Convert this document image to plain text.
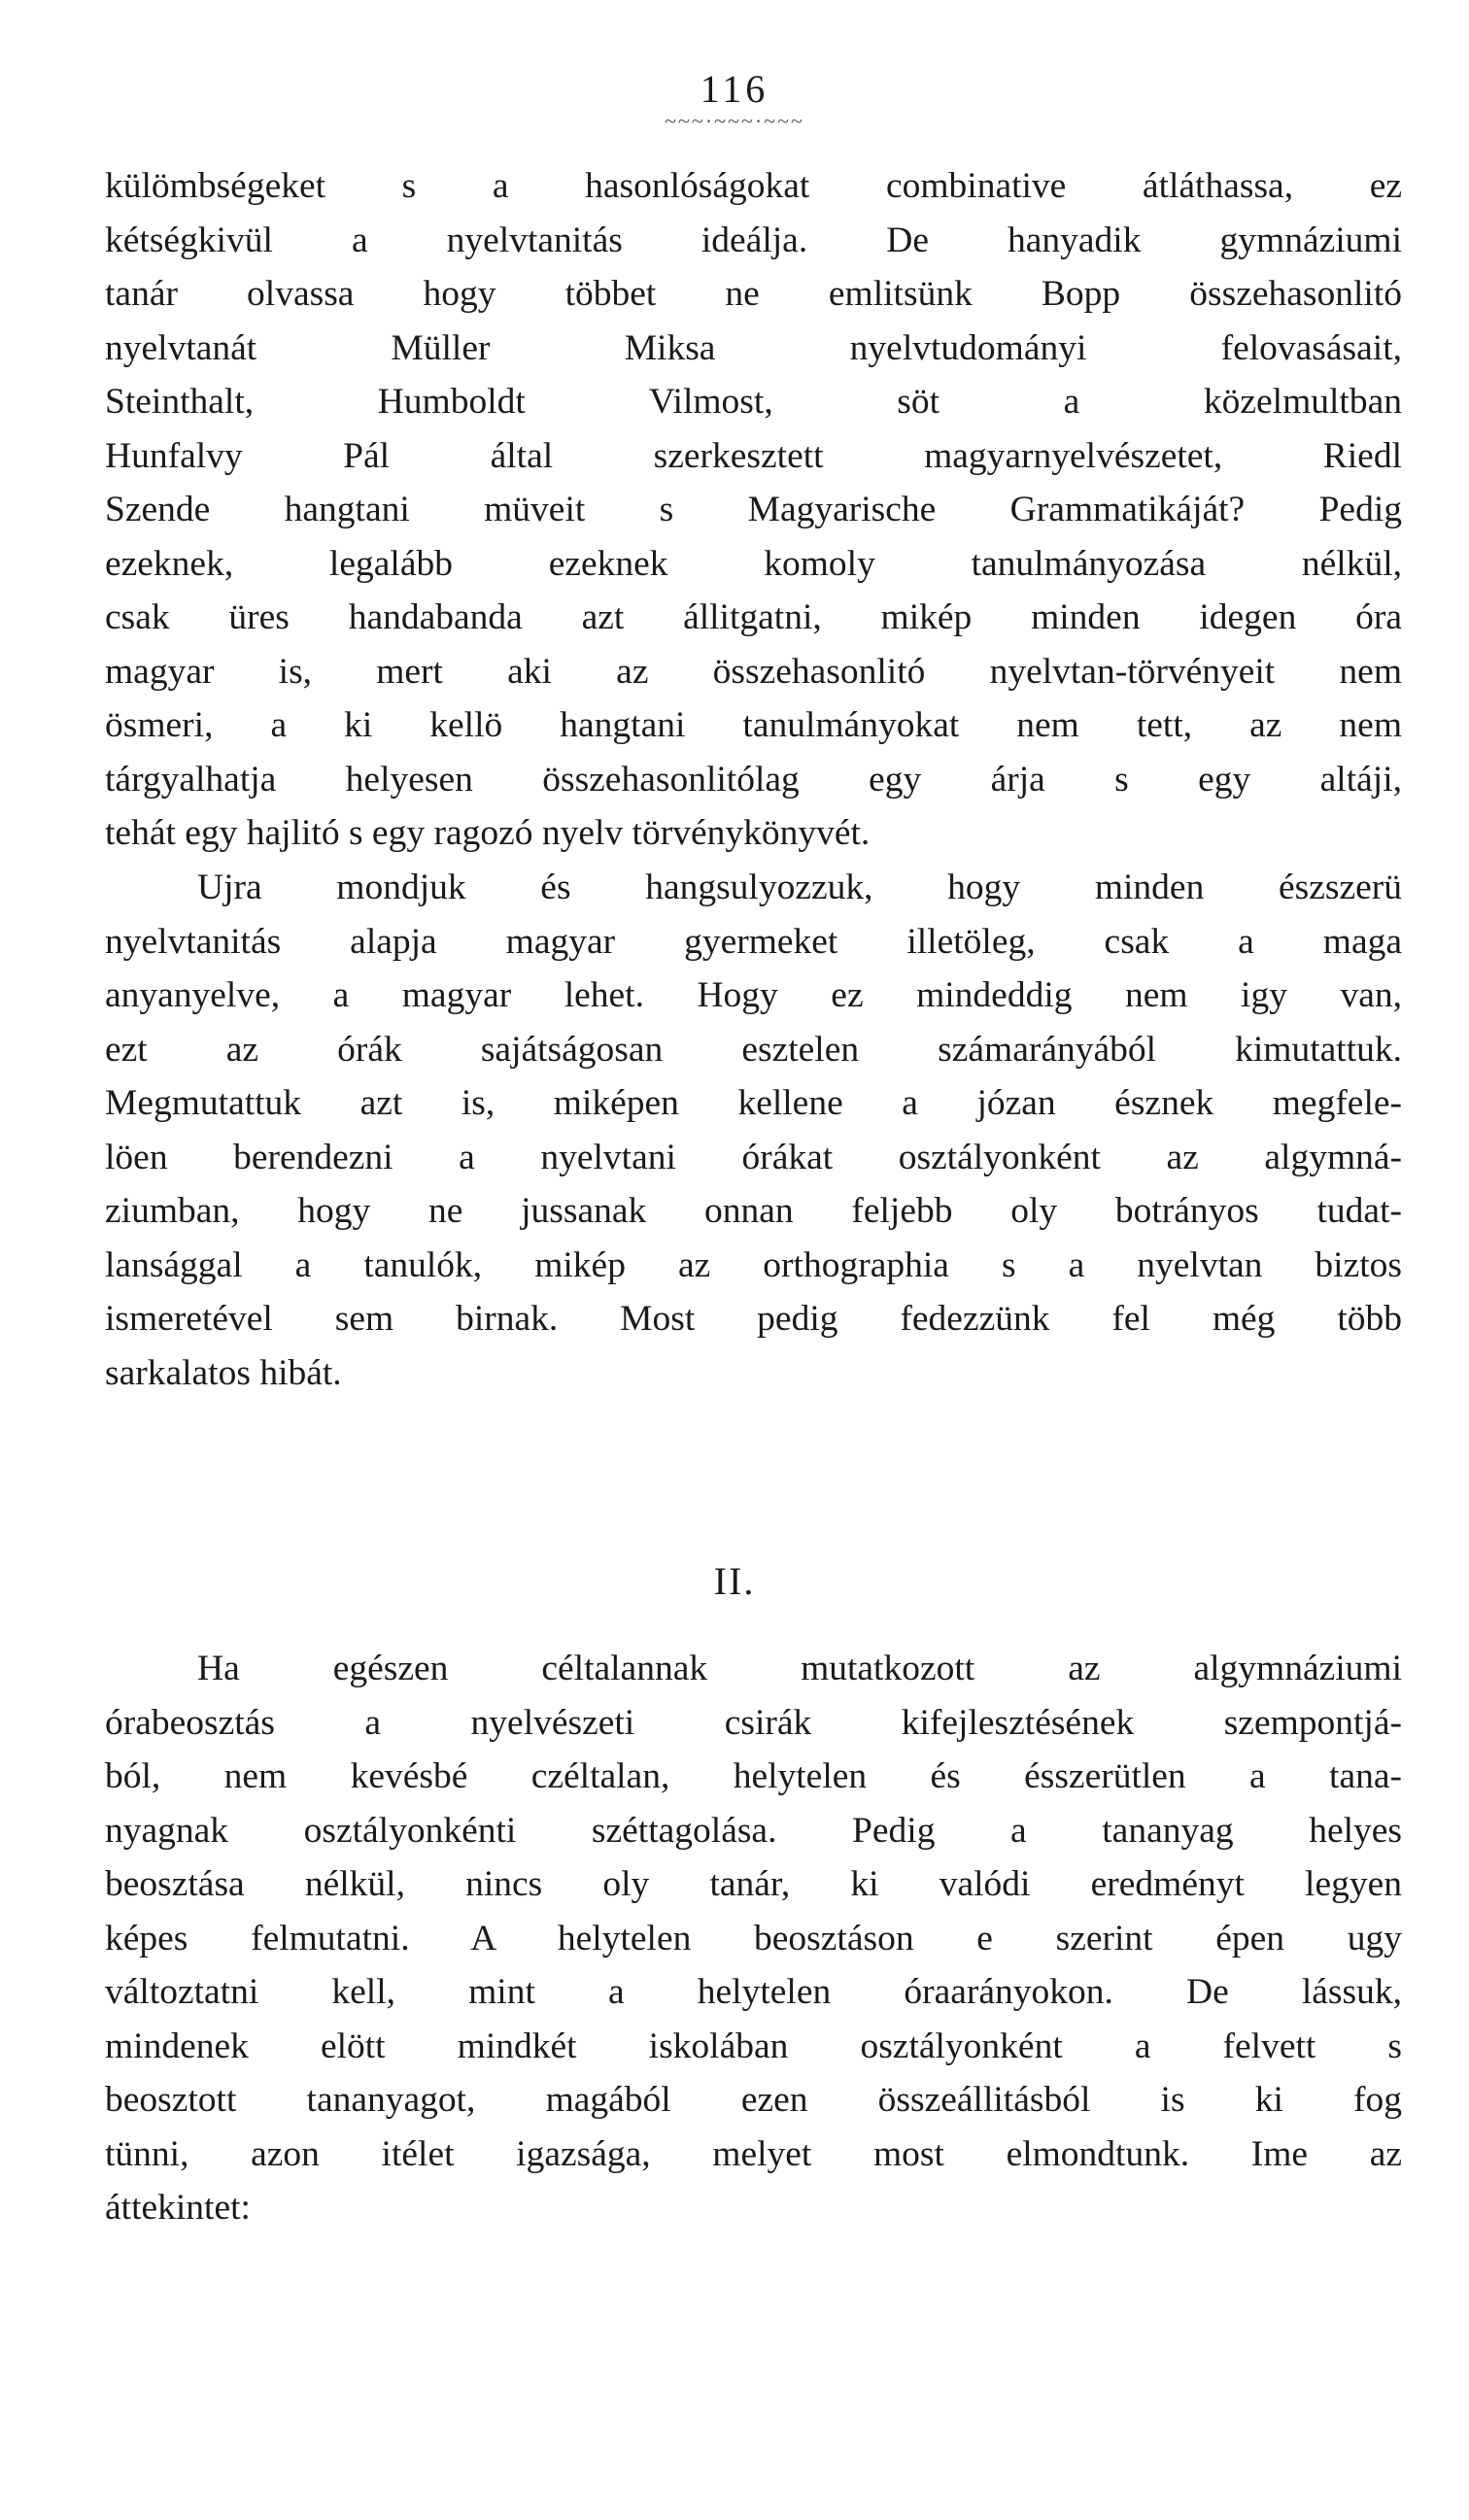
116
~~~·~~~·~~~
külömbségeket s a hasonlóságokat combinative átláthassa, ez
kétségkivül a nyelvtanitás ideálja. De hanyadik gymnáziumi
tanár olvassa hogy többet ne emlitsünk Bopp összehasonlitó
nyelvtanát Müller Miksa nyelvtudományi felovasásait,
Steinthalt, Humboldt Vilmost, söt a közelmultban
Hunfalvy Pál által szerkesztett magyarnyelvészetet, Riedl
Szende hangtani müveit s Magyarische Grammatikáját? Pedig
ezeknek, legalább ezeknek komoly tanulmányozása nélkül,
csak üres handabanda azt állitgatni, mikép minden idegen óra
magyar is, mert aki az összehasonlitó nyelvtan-törvényeit nem
ösmeri, a ki kellö hangtani tanulmányokat nem tett, az nem
tárgyalhatja helyesen összehasonlitólag egy árja s egy altáji,
tehát egy hajlitó s egy ragozó nyelv törvénykönyvét.
Ujra mondjuk és hangsulyozzuk, hogy minden észszerü
nyelvtanitás alapja magyar gyermeket illetöleg, csak a maga
anyanyelve, a magyar lehet. Hogy ez mindeddig nem igy van,
ezt az órák sajátságosan esztelen számarányából kimutattuk.
Megmutattuk azt is, miképen kellene a józan észnek megfele-
löen berendezni a nyelvtani órákat osztályonként az algymná-
ziumban, hogy ne jussanak onnan feljebb oly botrányos tudat-
lansággal a tanulók, mikép az orthographia s a nyelvtan biztos
ismeretével sem birnak. Most pedig fedezzünk fel még több
sarkalatos hibát.
II.
Ha egészen céltalannak mutatkozott az algymnáziumi
órabeosztás a nyelvészeti csirák kifejlesztésének szempontjá-
ból, nem kevésbé czéltalan, helytelen és ésszerütlen a tana-
nyagnak osztályonkénti széttagolása. Pedig a tananyag helyes
beosztása nélkül, nincs oly tanár, ki valódi eredményt legyen
képes felmutatni. A helytelen beosztáson e szerint épen ugy
változtatni kell, mint a helytelen óraarányokon. De lássuk,
mindenek elött mindkét iskolában osztályonként a felvett s
beosztott tananyagot, magából ezen összeállitásból is ki fog
tünni, azon itélet igazsága, melyet most elmondtunk. Ime az
áttekintet:
